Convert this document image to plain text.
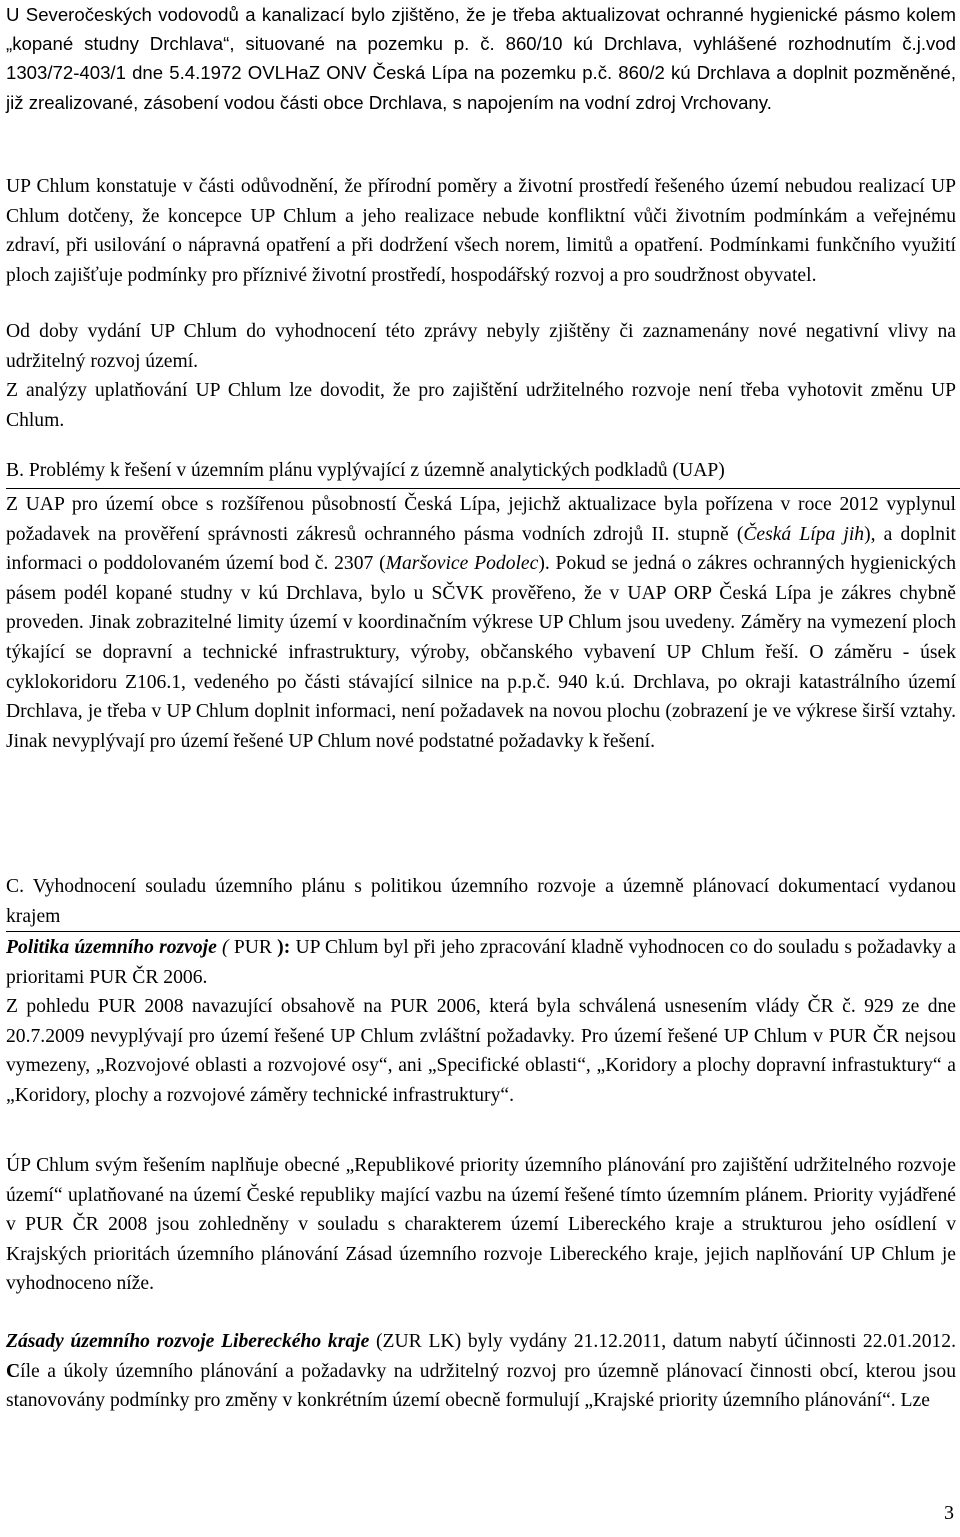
U Severočeských vodovodů a kanalizací bylo zjištěno, že je třeba aktualizovat ochranné hygienické pásmo kolem „kopané studny Drchlava“, situované na pozemku p. č. 860/10 kú Drchlava, vyhlášené rozhodnutím č.j.vod 1303/72-403/1 dne 5.4.1972 OVLHaZ ONV Česká Lípa na pozemku p.č. 860/2 kú Drchlava a doplnit pozměněné, již zrealizované, zásobení vodou části obce Drchlava, s napojením na vodní zdroj Vrchovany.

UP Chlum konstatuje v části odůvodnění, že přírodní poměry a životní prostředí řešeného území nebudou realizací UP Chlum dotčeny, že koncepce UP Chlum a jeho realizace nebude konfliktní vůči životním podmínkám a veřejnému zdraví, při usilování o nápravná opatření a při dodržení všech norem, limitů a opatření. Podmínkami funkčního využití ploch zajišťuje podmínky pro příznivé životní prostředí, hospodářský rozvoj a pro soudržnost obyvatel.

Od doby vydání UP Chlum do vyhodnocení této zprávy nebyly zjištěny či zaznamenány nové negativní vlivy na udržitelný rozvoj území.

Z analýzy uplatňování UP Chlum lze dovodit, že pro zajištění udržitelného rozvoje není třeba vyhotovit změnu UP Chlum.

B. Problémy k řešení v územním plánu vyplývající z územně analytických podkladů (UAP)

Z UAP pro území obce s rozšířenou působností Česká Lípa, jejichž aktualizace byla pořízena v roce 2012 vyplynul požadavek na prověření správnosti zákresů ochranného pásma vodních zdrojů II. stupně (Česká Lípa jih), a doplnit informaci o poddolovaném území bod č. 2307 (Maršovice Podolec). Pokud se jedná o zákres ochranných hygienických pásem podél kopané studny v kú Drchlava, bylo u SČVK prověřeno, že v UAP ORP Česká Lípa je zákres chybně proveden. Jinak zobrazitelné limity území v koordinačním výkrese UP Chlum jsou uvedeny. Záměry na vymezení ploch týkající se dopravní a technické infrastruktury, výroby, občanského vybavení UP Chlum řeší. O záměru - úsek cyklokoridoru Z106.1, vedeného po části stávající silnice na p.p.č. 940 k.ú. Drchlava, po okraji katastrálního území Drchlava, je třeba v UP Chlum doplnit informaci, není požadavek na novou plochu (zobrazení je ve výkrese širší vztahy. Jinak nevyplývají pro území řešené UP Chlum nové podstatné požadavky k řešení.

C. Vyhodnocení souladu územního plánu s politikou územního rozvoje a územně plánovací dokumentací vydanou krajem

Politika územního rozvoje ( PUR ): UP Chlum byl při jeho zpracování kladně vyhodnocen co do souladu s požadavky a prioritami PUR ČR 2006.

Z pohledu PUR 2008 navazující obsahově na PUR 2006, která byla schválená usnesením vlády ČR č. 929 ze dne 20.7.2009 nevyplývají pro území řešené UP Chlum zvláštní požadavky. Pro území řešené UP Chlum v PUR ČR nejsou vymezeny, „Rozvojové oblasti a rozvojové osy“, ani „Specifické oblasti“, „Koridory a plochy dopravní infrastuktury“ a „Koridory, plochy a rozvojové záměry technické infrastruktury“.

ÚP Chlum svým řešením naplňuje obecné „Republikové priority územního plánování pro zajištění udržitelného rozvoje území“ uplatňované na území České republiky mající vazbu na území řešené tímto územním plánem. Priority vyjádřené v PUR ČR 2008 jsou zohledněny v souladu s charakterem území Libereckého kraje a strukturou jeho osídlení v Krajských prioritách územního plánování Zásad územního rozvoje Libereckého kraje, jejich naplňování UP Chlum je vyhodnoceno níže.

Zásady územního rozvoje Libereckého kraje (ZUR LK) byly vydány 21.12.2011, datum nabytí účinnosti 22.01.2012. Cíle a úkoly územního plánování a požadavky na udržitelný rozvoj pro územně plánovací činnosti obcí, kterou jsou stanovovány podmínky pro změny v konkrétním území obecně formulují „Krajské priority územního plánování“. Lze

3
